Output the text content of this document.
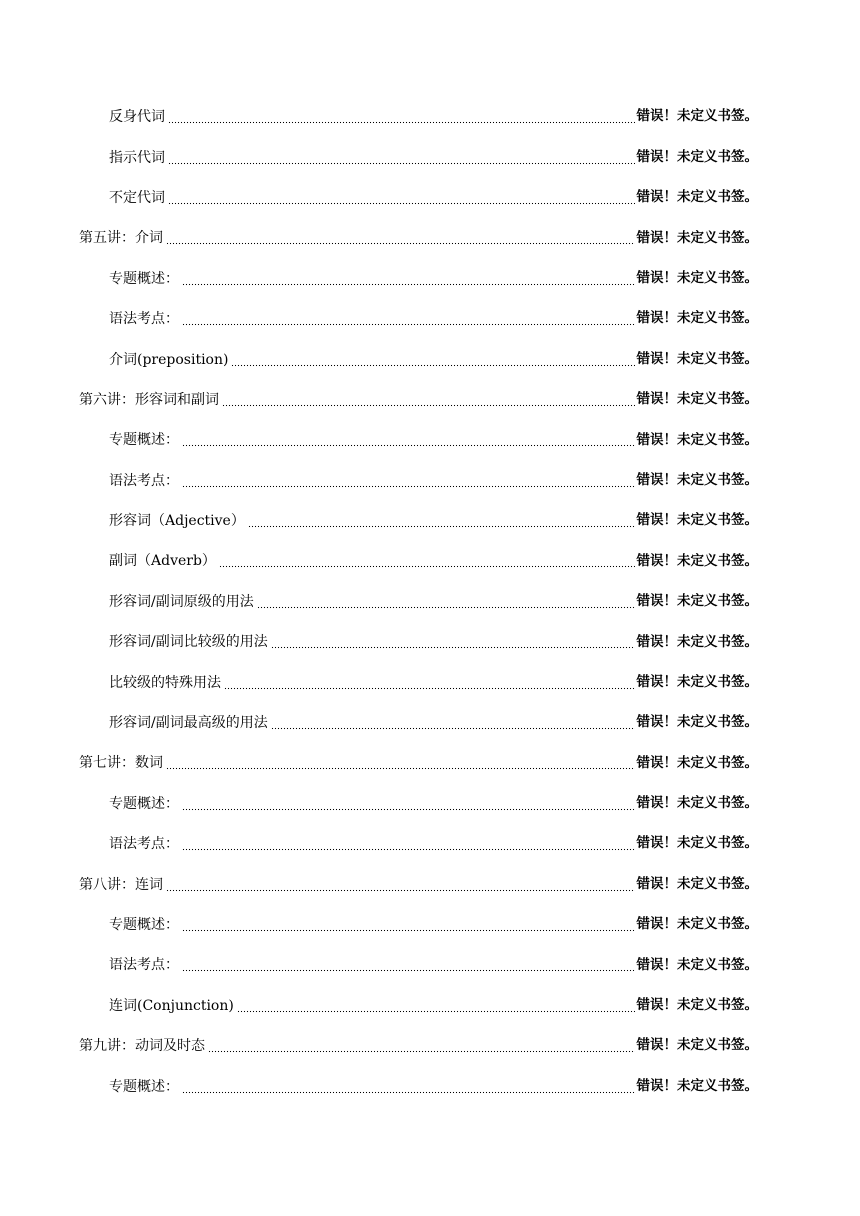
反身代词	错误！未定义书签。
指示代词	错误！未定义书签。
不定代词	错误！未定义书签。
第五讲：介词	错误！未定义书签。
专题概述：	错误！未定义书签。
语法考点：	错误！未定义书签。
介词(preposition)	错误！未定义书签。
第六讲：形容词和副词	错误！未定义书签。
专题概述：	错误！未定义书签。
语法考点：	错误！未定义书签。
形容词（Adjective）	错误！未定义书签。
副词（Adverb）	错误！未定义书签。
形容词/副词原级的用法	错误！未定义书签。
形容词/副词比较级的用法	错误！未定义书签。
比较级的特殊用法	错误！未定义书签。
形容词/副词最高级的用法	错误！未定义书签。
第七讲：数词	错误！未定义书签。
专题概述：	错误！未定义书签。
语法考点：	错误！未定义书签。
第八讲：连词	错误！未定义书签。
专题概述：	错误！未定义书签。
语法考点：	错误！未定义书签。
连词(Conjunction)	错误！未定义书签。
第九讲：动词及时态	错误！未定义书签。
专题概述：	错误！未定义书签。
